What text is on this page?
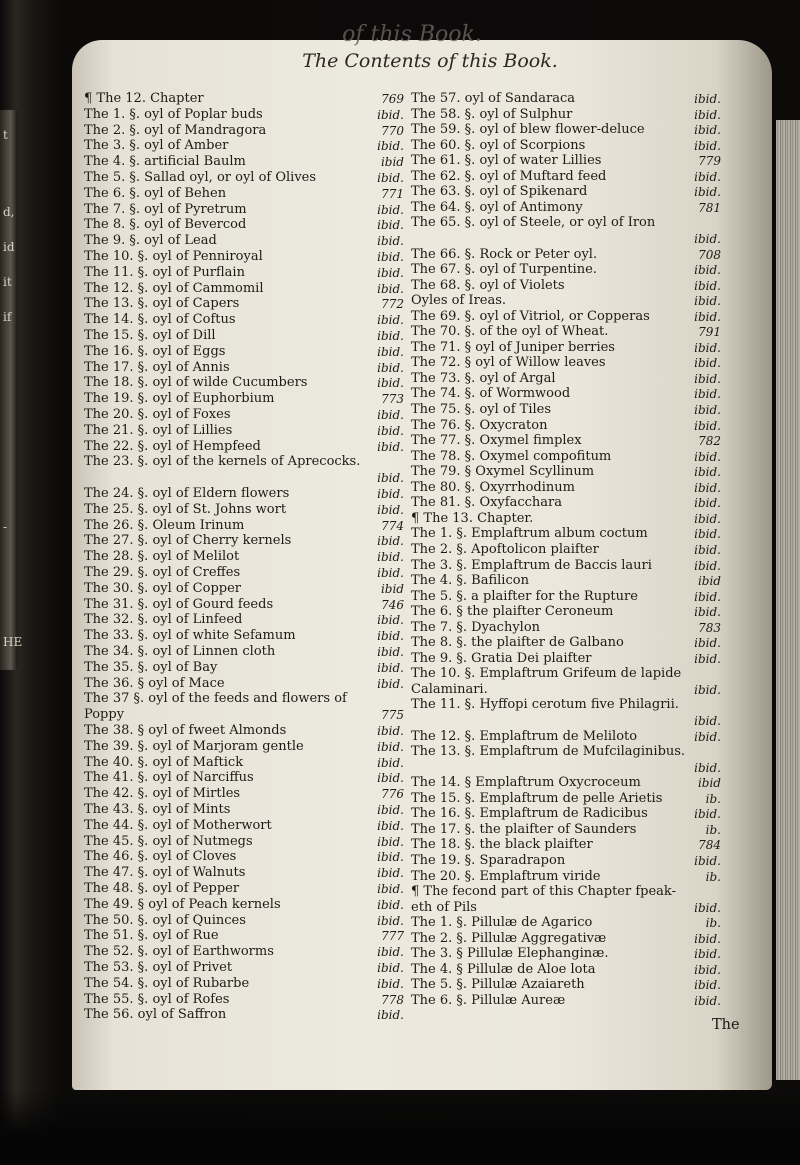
t
d,
id
it
if
-
HE
of this Book.
The Contents of this Book.
¶ The 12. Chapter	769
The 1. §. oyl of Poplar buds	ibid.
The 2. §. oyl of Mandragora	770
The 3. §. oyl of Amber	ibid.
The 4. §. artificial Baulm	ibid
The 5. §. Sallad oyl, or oyl of Olives	ibid.
The 6. §. oyl of Behen	771
The 7. §. oyl of Pyretrum	ibid.
The 8. §. oyl of Bevercod	ibid.
The 9. §. oyl of Lead	ibid.
The 10. §. oyl of Penniroyal	ibid.
The 11. §. oyl of Purflain	ibid.
The 12. §. oyl of Cammomil	ibid.
The 13. §. oyl of Capers	772
The 14. §. oyl of Coftus	ibid.
The 15. §. oyl of Dill	ibid.
The 16. §. oyl of Eggs	ibid.
The 17. §. oyl of Annis	ibid.
The 18. §. oyl of wilde Cucumbers	ibid.
The 19. §. oyl of Euphorbium	773
The 20. §. oyl of Foxes	ibid.
The 21. §. oyl of Lillies	ibid.
The 22. §. oyl of Hempfeed	ibid.
The 23. §. oyl of the kernels of Aprecocks.
ibid.
The 24. §. oyl of Eldern flowers	ibid.
The 25. §. oyl of St. Johns wort	ibid.
The 26. §. Oleum Irinum	774
The 27. §. oyl of Cherry kernels	ibid.
The 28. §. oyl of Melilot	ibid.
The 29. §. oyl of Creffes	ibid.
The 30. §. oyl of Copper	ibid
The 31. §. oyl of Gourd feeds	746
The 32. §. oyl of Linfeed	ibid.
The 33. §. oyl of white Sefamum	ibid.
The 34. §. oyl of Linnen cloth	ibid.
The 35. §. oyl of Bay	ibid.
The 36. § oyl of Mace	ibid.
The 37 §. oyl of the feeds and flowers of
Poppy	775
The 38. § oyl of fweet Almonds	ibid.
The 39. §. oyl of Marjoram gentle	ibid.
The 40. §. oyl of Maftick	ibid.
The 41. §. oyl of Narciffus	ibid.
The 42. §. oyl of Mirtles	776
The 43. §. oyl of Mints	ibid.
The 44. §. oyl of Motherwort	ibid.
The 45. §. oyl of Nutmegs	ibid.
The 46. §. oyl of Cloves	ibid.
The 47. §. oyl of Walnuts	ibid.
The 48. §. oyl of Pepper	ibid.
The 49. § oyl of Peach kernels	ibid.
The 50. §. oyl of Quinces	ibid.
The 51. §. oyl of Rue	777
The 52. §. oyl of Earthworms	ibid.
The 53. §. oyl of Privet	ibid.
The 54. §. oyl of Rubarbe	ibid.
The 55. §. oyl of Rofes	778
The 56. oyl of Saffron	ibid.
The 57. oyl of Sandaraca	ibid.
The 58. §. oyl of Sulphur	ibid.
The 59. §. oyl of blew flower-deluce	ibid.
The 60. §. oyl of Scorpions	ibid.
The 61. §. oyl of water Lillies	779
The 62. §. oyl of Muftard feed	ibid.
The 63. §. oyl of Spikenard	ibid.
The 64. §. oyl of Antimony	781
The 65. §. oyl of Steele, or oyl of Iron
ibid.
The 66. §. Rock or Peter oyl.	708
The 67. §. oyl of Turpentine.	ibid.
The 68. §. oyl of Violets	ibid.
Oyles of Ireas.	ibid.
The 69. §. oyl of Vitriol, or Copperas	ibid.
The 70. §. of the oyl of Wheat.	791
The 71. § oyl of Juniper berries	ibid.
The 72. § oyl of Willow leaves	ibid.
The 73. §. oyl of Argal	ibid.
The 74. §. of Wormwood	ibid.
The 75. §. oyl of Tiles	ibid.
The 76. §. Oxycraton	ibid.
The 77. §. Oxymel fimplex	782
The 78. §. Oxymel compofitum	ibid.
The 79. § Oxymel Scyllinum	ibid.
The 80. §. Oxyrrhodinum	ibid.
The 81. §. Oxyfacchara	ibid.
¶ The 13. Chapter.	ibid.
The 1. §. Emplaftrum album coctum	ibid.
The 2. §. Apoftolicon plaifter	ibid.
The 3. §. Emplaftrum de Baccis lauri	ibid.
The 4. §. Bafilicon	ibid
The 5. §. a plaifter for the Rupture	ibid.
The 6. § the plaifter Ceroneum	ibid.
The 7. §. Dyachylon	783
The 8. §. the plaifter de Galbano	ibid.
The 9. §. Gratia Dei plaifter	ibid.
The 10. §. Emplaftrum Grifeum de lapide
Calaminari.	ibid.
The 11. §. Hyffopi cerotum five Philagrii.
ibid.
The 12. §. Emplaftrum de Meliloto	ibid.
The 13. §. Emplaftrum de Mufcilaginibus.
ibid.
The 14. § Emplaftrum Oxycroceum	ibid
The 15. §. Emplaftrum de pelle Arietis	ib.
The 16. §. Emplaftrum de Radicibus	ibid.
The 17. §. the plaifter of Saunders	ib.
The 18. §. the black plaifter	784
The 19. §. Sparadrapon	ibid.
The 20. §. Emplaftrum viride	ib.
¶ The fecond part of this Chapter fpeak-
eth of Pils	ibid.
The 1. §. Pillulæ de Agarico	ib.
The 2. §. Pillulæ Aggregativæ	ibid.
The 3. § Pillulæ Elephanginæ.	ibid.
The 4. § Pillulæ de Aloe lota	ibid.
The 5. §. Pillulæ Azaiareth	ibid.
The 6. §. Pillulæ Aureæ	ibid.
The
